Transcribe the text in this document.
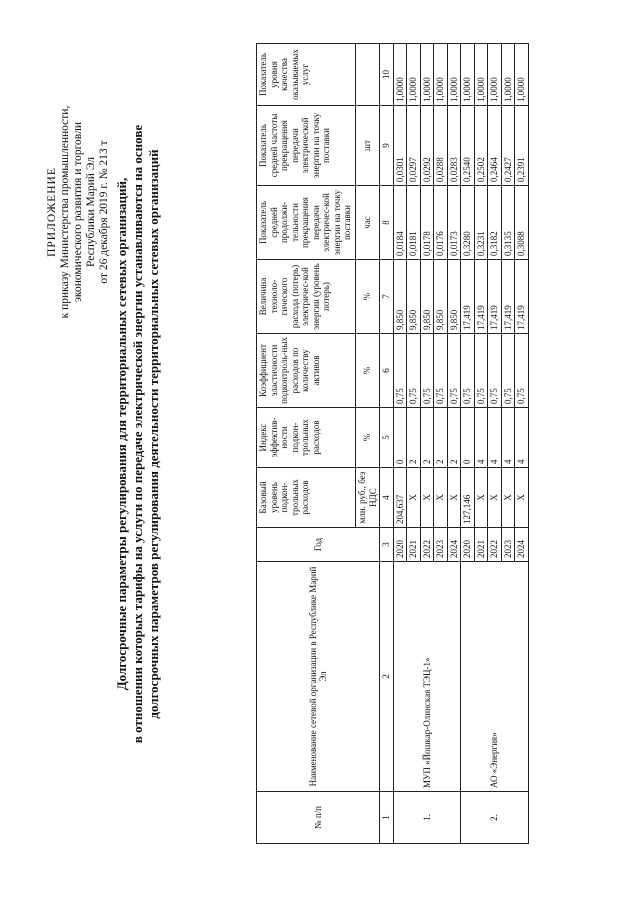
ПРИЛОЖЕНИЕ к приказу Министерства промышленности, экономического развития и торговли Республики Марий Эл от 26 декабря 2019 г. № 213 т Долгосрочные параметры регулирования для территориальных сетевых организаций, в отношении которых тарифы на услуги по передаче электрической энергии устанавливаются на основе долгосрочных параметров регулирования деятельности территориальных сетевых организаций
№ п/п	Наименование сетевой организации в Республике Марий Эл	Год	Базовый уровень подкон-трольных расходов	Индекс эффектив-ности подкон-трольных расходов	Коэффициент эластичности подконтроль-ных расходов по количеству активов	Величина техноло-гического расхода (потерь) электричес-кой энергии (уровень потерь)	Показатель средней продолжи-тельности прекращения передачи электричес-кой энергии на точку поставки	Показатель средней частоты прекращения передачи электрической энергии на точку поставки	Показатель уровня качества оказываемых услуг
			млн. руб., без НДС	%	%	%	час	шт	
1	2	3	4	5	6	7	8	9	10
1.	МУП «Йошкар-Олинская ТЭЦ-1»	2020	204,637	0	0,75	9,850	0,0184	0,0301	1,0000
		2021	X	2	0,75	9,850	0,0181	0,0297	1,0000
		2022	X	2	0,75	9,850	0,0178	0,0292	1,0000
		2023	X	2	0,75	9,850	0,0176	0,0288	1,0000
		2024	X	2	0,75	9,850	0,0173	0,0283	1,0000
2.	АО «Энергия»	2020	127,146	0	0,75	17,419	0,3280	0,2540	1,0000
		2021	X	4	0,75	17,419	0,3231	0,2502	1,0000
		2022	X	4	0,75	17,419	0,3182	0,2464	1,0000
		2023	X	4	0,75	17,419	0,3135	0,2427	1,0000
		2024	X	4	0,75	17,419	0,3088	0,2391	1,0000
